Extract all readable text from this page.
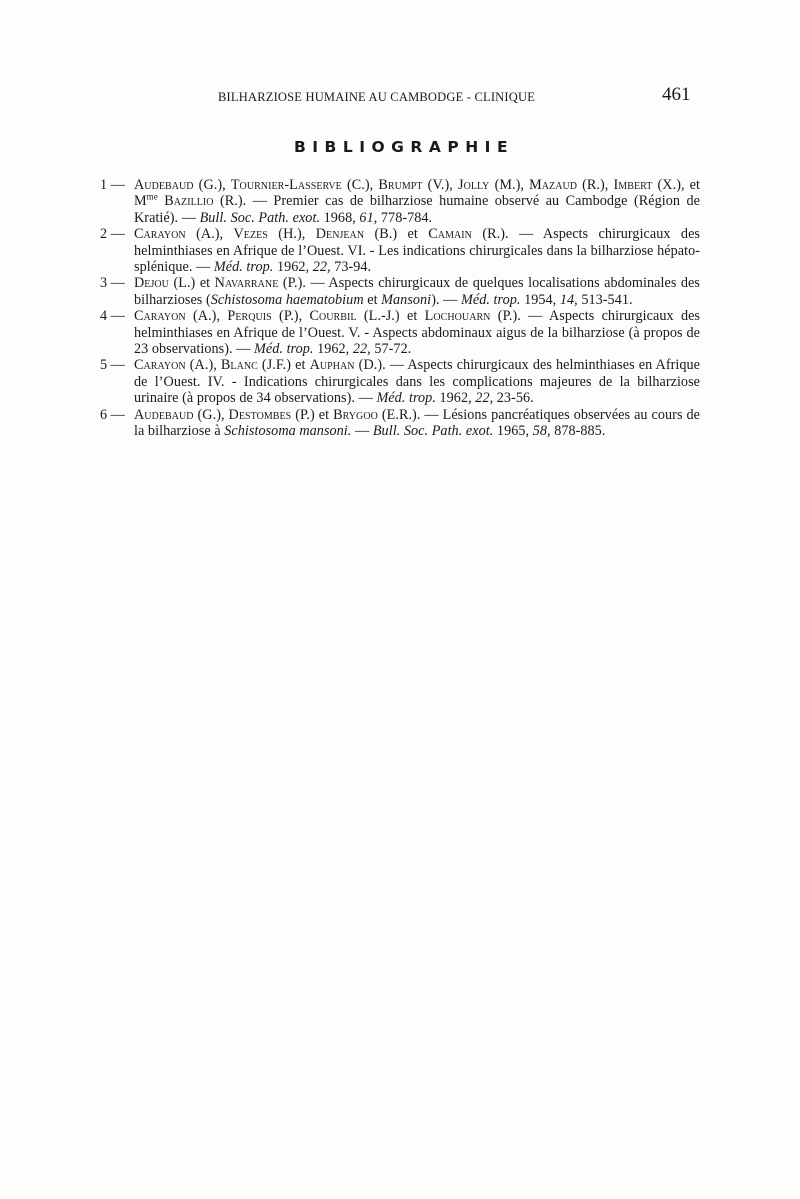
BILHARZIOSE HUMAINE AU CAMBODGE - CLINIQUE	461
BIBLIOGRAPHIE
1 — Audebaud (G.), Tournier-Lasserve (C.), Brumpt (V.), Jolly (M.), Mazaud (R.), Imbert (X.), et $M^{me}$ Bazillio (R.). — Premier cas de bilharziose humaine observé au Cambodge (Région de Kratié). — Bull. Soc. Path. exot. 1968, 61, 778-784.
2 — Carayon (A.), Vezes (H.), Denjean (B.) et Camain (R.). — Aspects chirurgicaux des helminthiases en Afrique de l’Ouest. VI. - Les indications chirurgicales dans la bilharziose hépato-splénique. — Méd. trop. 1962, 22, 73-94.
3 — Dejou (L.) et Navarrane (P.). — Aspects chirurgicaux de quelques localisations abdominales des bilharzioses (Schistosoma haematobium et Mansoni). — Méd. trop. 1954, 14, 513-541.
4 — Carayon (A.), Perquis (P.), Courbil (L.-J.) et Lochouarn (P.). — Aspects chirurgicaux des helminthiases en Afrique de l’Ouest. V. - Aspects abdominaux aigus de la bilharziose (à propos de 23 observations). — Méd. trop. 1962, 22, 57-72.
5 — Carayon (A.), Blanc (J.F.) et Auphan (D.). — Aspects chirurgicaux des helminthiases en Afrique de l’Ouest. IV. - Indications chirurgicales dans les complications majeures de la bilharziose urinaire (à propos de 34 observations). — Méd. trop. 1962, 22, 23-56.
6 — Audebaud (G.), Destombes (P.) et Brygoo (E.R.). — Lésions pancréatiques observées au cours de la bilharziose à Schistosoma mansoni. — Bull. Soc. Path. exot. 1965, 58, 878-885.
